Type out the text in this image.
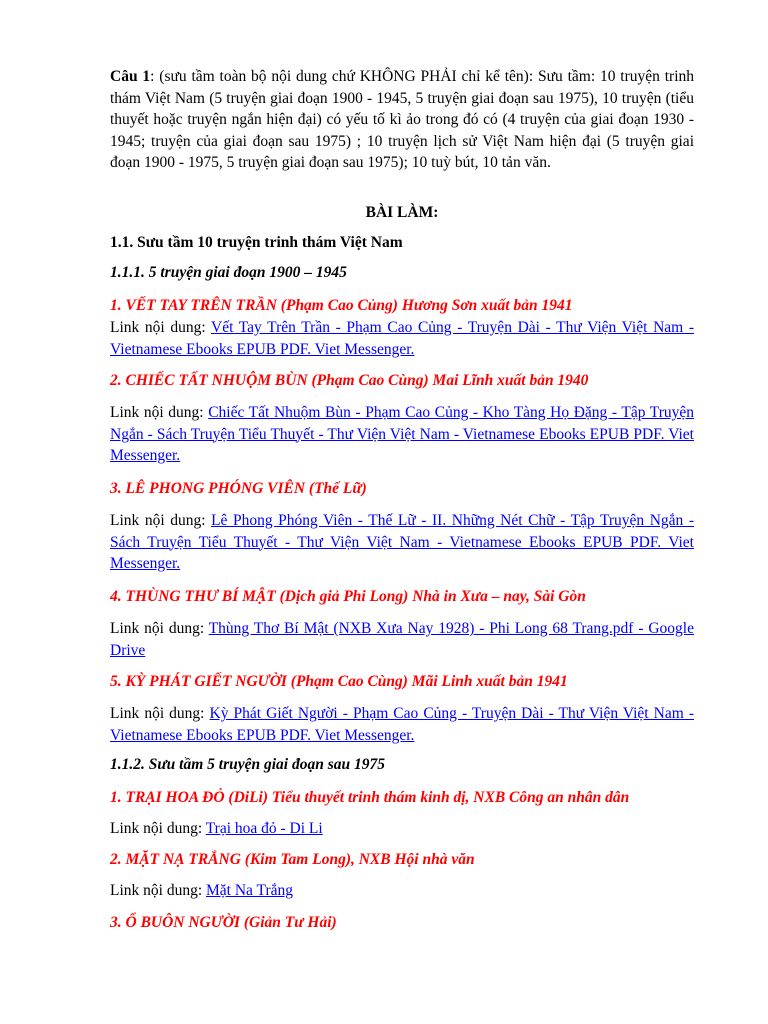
Câu 1: (sưu tầm toàn bộ nội dung chứ KHÔNG PHẢI chỉ kể tên): Sưu tầm: 10 truyện trinh thám Việt Nam (5 truyện giai đoạn 1900 - 1945, 5 truyện giai đoạn sau 1975), 10 truyện (tiểu thuyết hoặc truyện ngắn hiện đại) có yếu tố kì ảo trong đó có (4 truyện của giai đoạn 1930 - 1945; truyện của giai đoạn sau 1975) ; 10 truyện lịch sử Việt Nam hiện đại (5 truyện giai đoạn 1900 - 1975, 5 truyện giai đoạn sau 1975); 10 tuỳ bút, 10 tản văn.

BÀI LÀM:

1.1. Sưu tầm 10 truyện trinh thám Việt Nam

1.1.1. 5 truyện giai đoạn 1900 – 1945

1. VẾT TAY TRÊN TRẦN (Phạm Cao Củng) Hương Sơn xuất bản 1941

Link nội dung: Vết Tay Trên Trần - Phạm Cao Củng - Truyện Dài - Thư Viện Việt Nam - Vietnamese Ebooks EPUB PDF. Viet Messenger.

2. CHIẾC TẤT NHUỘM BÙN (Phạm Cao Cùng) Mai Lĩnh xuất bản 1940

Link nội dung: Chiếc Tất Nhuộm Bùn - Phạm Cao Củng - Kho Tàng Họ Đặng - Tập Truyện Ngắn - Sách Truyện Tiểu Thuyết - Thư Viện Việt Nam - Vietnamese Ebooks EPUB PDF. Viet Messenger.

3. LÊ PHONG PHÓNG VIÊN (Thế Lữ)

Link nội dung: Lê Phong Phóng Viên - Thế Lữ - II. Những Nét Chữ - Tập Truyện Ngắn - Sách Truyện Tiểu Thuyết - Thư Viện Việt Nam - Vietnamese Ebooks EPUB PDF. Viet Messenger.

4. THÙNG THƯ BÍ MẬT (Dịch giả Phi Long) Nhà in Xưa – nay, Sài Gòn

Link nội dung: Thùng Thơ Bí Mật (NXB Xưa Nay 1928) - Phi Long 68 Trang.pdf - Google Drive

5. KỲ PHÁT GIẾT NGƯỜI (Phạm Cao Cùng) Mãi Linh xuất bản 1941

Link nội dung: Kỳ Phát Giết Người - Phạm Cao Củng - Truyện Dài - Thư Viện Việt Nam - Vietnamese Ebooks EPUB PDF. Viet Messenger.

1.1.2. Sưu tầm 5 truyện giai đoạn sau 1975

1. TRẠI HOA ĐỎ (DiLi) Tiểu thuyết trinh thám kinh dị, NXB Công an nhân dân

Link nội dung: Trại hoa đỏ - Di Li

2. MẶT NẠ TRẮNG (Kim Tam Long), NXB Hội nhà văn

Link nội dung: Mặt Na Trắng

3. Ổ BUÔN NGƯỜI (Giản Tư Hải)
